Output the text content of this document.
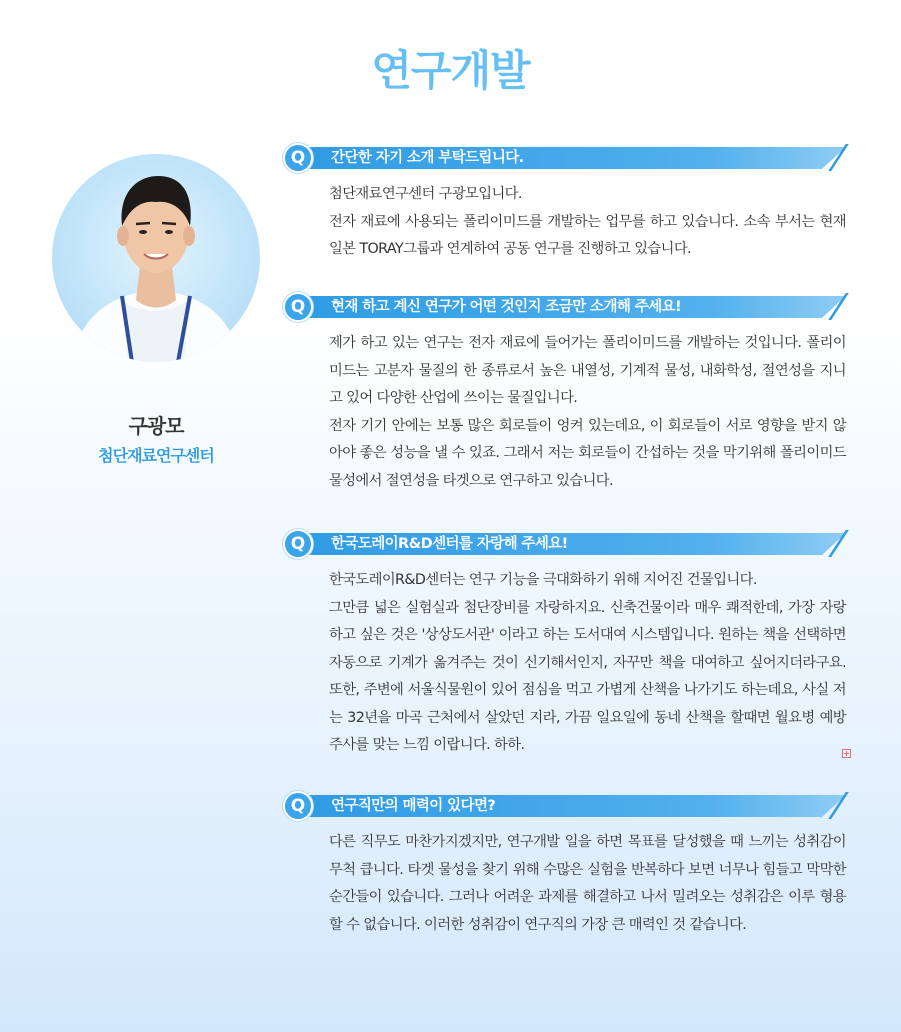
연구개발
구광모
첨단재료연구센터
Q	간단한 자기 소개 부탁드립니다.

첨단재료연구센터 구광모입니다.

전자 재료에 사용되는 폴리이미드를 개발하는 업무를 하고 있습니다. 소속 부서는 현재 일본 TORAY그룹과 연계하여 공동 연구를 진행하고 있습니다.

Q	현재 하고 계신 연구가 어떤 것인지 조금만 소개해 주세요!

제가 하고 있는 연구는 전자 재료에 들어가는 폴리이미드를 개발하는 것입니다. 폴리이미드는 고분자 물질의 한 종류로서 높은 내열성, 기계적 물성, 내화학성, 절연성을 지니고 있어 다양한 산업에 쓰이는 물질입니다.

전자 기기 안에는 보통 많은 회로들이 엉켜 있는데요, 이 회로들이 서로 영향을 받지 않아야 좋은 성능을 낼 수 있죠. 그래서 저는 회로들이 간섭하는 것을 막기위해 폴리이미드 물성에서 절연성을 타겟으로 연구하고 있습니다.

Q	한국도레이R&D센터를 자랑해 주세요!

한국도레이R&D센터는 연구 기능을 극대화하기 위해 지어진 건물입니다.

그만큼 넓은 실험실과 첨단장비를 자랑하지요. 신축건물이라 매우 쾌적한데, 가장 자랑하고 싶은 것은 '상상도서관' 이라고 하는 도서대여 시스템입니다. 원하는 책을 선택하면 자동으로 기계가 옮겨주는 것이 신기해서인지, 자꾸만 책을 대여하고 싶어지더라구요. 또한, 주변에 서울식물원이 있어 점심을 먹고 가볍게 산책을 나가기도 하는데요, 사실 저는 32년을 마곡 근처에서 살았던 지라, 가끔 일요일에 동네 산책을 할때면 월요병 예방 주사를 맞는 느낌 이랍니다. 하하.

Q	연구직만의 매력이 있다면?

다른 직무도 마찬가지겠지만, 연구개발 일을 하면 목표를 달성했을 때 느끼는 성취감이 무척 큽니다. 타겟 물성을 찾기 위해 수많은 실험을 반복하다 보면 너무나 힘들고 막막한 순간들이 있습니다. 그러나 어려운 과제를 해결하고 나서 밀려오는 성취감은 이루 형용할 수 없습니다. 이러한 성취감이 연구직의 가장 큰 매력인 것 같습니다.
